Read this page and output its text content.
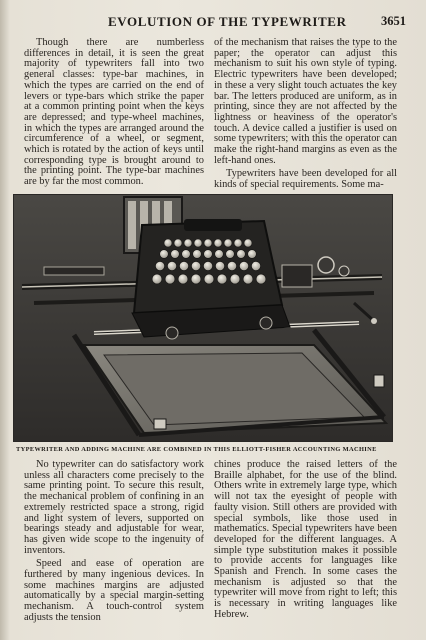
EVOLUTION OF THE TYPEWRITER	3651

Though there are numberless differences in detail, it is seen the great majority of typewriters fall into two general classes: type-bar machines, in which the types are carried on the end of levers or type-bars which strike the paper at a common printing point when the keys are depressed; and type-wheel machines, in which the types are arranged around the circumference of a wheel, or segment, which is rotated by the action of keys until corresponding type is brought around to the printing point. The type-bar machines are by far the most common.

of the mechanism that raises the type to the paper; the operator can adjust this mechanism to suit his own style of typing. Electric typewriters have been developed; in these a very slight touch actuates the key bar. The letters produced are uniform, as in printing, since they are not affected by the lightness or heaviness of the operator's touch. A device called a justifier is used on some typewriters; with this the operator can make the right-hand margins as even as the left-hand ones.

Typewriters have been developed for all kinds of special requirements. Some ma-

TYPEWRITER AND ADDING MACHINE ARE COMBINED IN THIS ELLIOTT-FISHER ACCOUNTING MACHINE

No typewriter can do satisfactory work unless all characters come precisely to the same printing point. To secure this result, the mechanical problem of confining in an extremely restricted space a strong, rigid and light system of levers, supported on bearings steady and adjustable for wear, has given wide scope to the ingenuity of inventors.

Speed and ease of operation are furthered by many ingenious devices. In some machines margins are adjusted automatically by a special margin-setting mechanism. A touch-control system adjusts the tension

chines produce the raised letters of the Braille alphabet, for the use of the blind. Others write in extremely large type, which will not tax the eyesight of people with faulty vision. Still others are provided with special symbols, like those used in mathematics. Special typewriters have been developed for the different languages. A simple type substitution makes it possible to provide accents for languages like Spanish and French. In some cases the mechanism is adjusted so that the typewriter will move from right to left; this is necessary in writing languages like Hebrew.
